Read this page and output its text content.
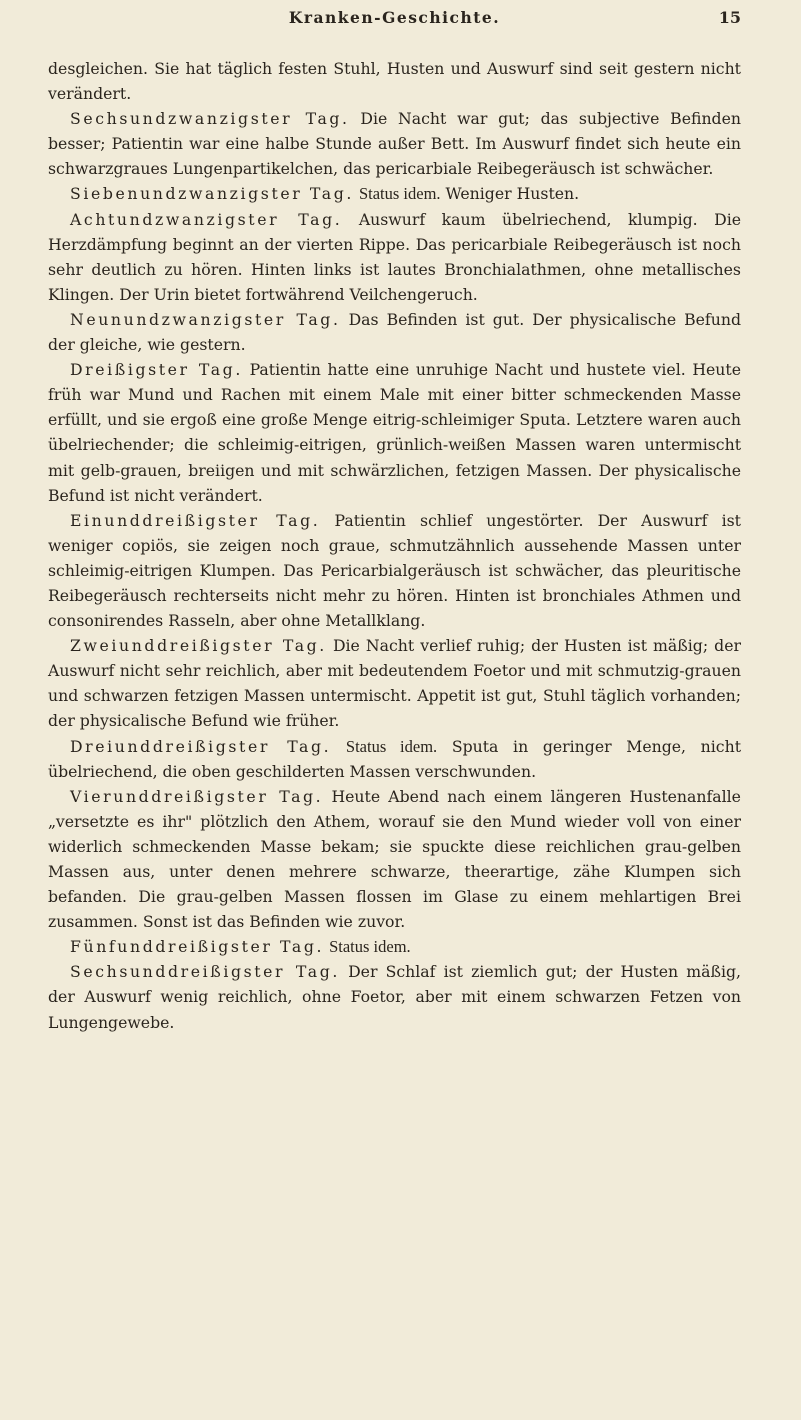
Kranken-Geschichte.	15

desgleichen. Sie hat täglich festen Stuhl, Husten und Auswurf sind seit gestern nicht verändert.

Sechsundzwanzigster Tag. Die Nacht war gut; das subjective Befinden besser; Patientin war eine halbe Stunde außer Bett. Im Auswurf findet sich heute ein schwarzgraues Lungenpartikelchen, das pericarbiale Reibegeräusch ist schwächer.

Siebenundzwanzigster Tag. Status idem. Weniger Husten.

Achtundzwanzigster Tag. Auswurf kaum übelriechend, klumpig. Die Herzdämpfung beginnt an der vierten Rippe. Das pericarbiale Reibegeräusch ist noch sehr deutlich zu hören. Hinten links ist lautes Bronchialathmen, ohne metallisches Klingen. Der Urin bietet fortwährend Veilchengeruch.

Neunundzwanzigster Tag. Das Befinden ist gut. Der physicalische Befund der gleiche, wie gestern.

Dreißigster Tag. Patientin hatte eine unruhige Nacht und hustete viel. Heute früh war Mund und Rachen mit einem Male mit einer bitter schmeckenden Masse erfüllt, und sie ergoß eine große Menge eitrig-schleimiger Sputa. Letztere waren auch übelriechender; die schleimig-eitrigen, grünlich-weißen Massen waren untermischt mit gelb-grauen, breiigen und mit schwärzlichen, fetzigen Massen. Der physicalische Befund ist nicht verändert.

Einunddreißigster Tag. Patientin schlief ungestörter. Der Auswurf ist weniger copiös, sie zeigen noch graue, schmutzähnlich aussehende Massen unter schleimig-eitrigen Klumpen. Das Pericarbialgeräusch ist schwächer, das pleuritische Reibegeräusch rechterseits nicht mehr zu hören. Hinten ist bronchiales Athmen und consonirendes Rasseln, aber ohne Metallklang.

Zweiunddreißigster Tag. Die Nacht verlief ruhig; der Husten ist mäßig; der Auswurf nicht sehr reichlich, aber mit bedeutendem Foetor und mit schmutzig-grauen und schwarzen fetzigen Massen untermischt. Appetit ist gut, Stuhl täglich vorhanden; der physicalische Befund wie früher.

Dreiunddreißigster Tag. Status idem. Sputa in geringer Menge, nicht übelriechend, die oben geschilderten Massen verschwunden.

Vierunddreißigster Tag. Heute Abend nach einem längeren Hustenanfalle „versetzte es ihr" plötzlich den Athem, worauf sie den Mund wieder voll von einer widerlich schmeckenden Masse bekam; sie spuckte diese reichlichen grau-gelben Massen aus, unter denen mehrere schwarze, theerartige, zähe Klumpen sich befanden. Die grau-gelben Massen flossen im Glase zu einem mehlartigen Brei zusammen. Sonst ist das Befinden wie zuvor.

Fünfunddreißigster Tag. Status idem.

Sechsunddreißigster Tag. Der Schlaf ist ziemlich gut; der Husten mäßig, der Auswurf wenig reichlich, ohne Foetor, aber mit einem schwarzen Fetzen von Lungengewebe.
